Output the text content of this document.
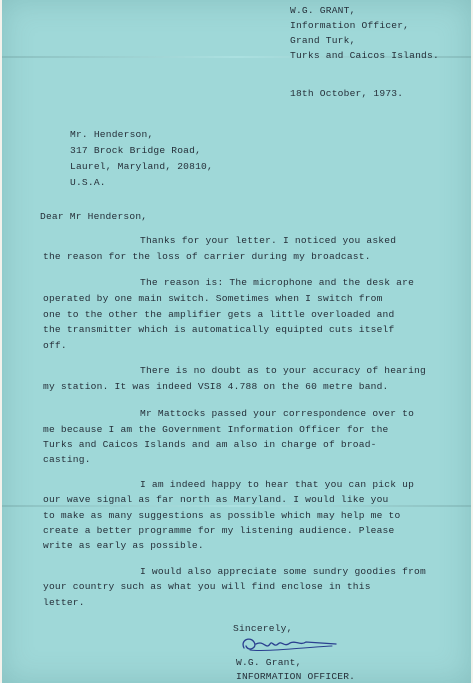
W.G. GRANT,
Information Officer,
Grand Turk,
Turks and Caicos Islands.
18th October, 1973.
Mr. Henderson,
317 Brock Bridge Road,
Laurel, Maryland, 20810,
U.S.A.
Dear Mr Henderson,
Thanks for your letter. I noticed you asked
the reason for the loss of carrier during my broadcast.
The reason is: The microphone and the desk are
operated by one main switch. Sometimes when I switch from
one to the other the amplifier gets a little overloaded and
the transmitter which is automatically equipted cuts itself
off.
There is no doubt as to your accuracy of hearing
my station. It was indeed VSI8 4.788 on the 60 metre band.
Mr Mattocks passed your correspondence over to
me because I am the Government Information Officer for the
Turks and Caicos Islands and am also in charge of broad-
casting.
I am indeed happy to hear that you can pick up
our wave signal as far north as Maryland. I would like you
to make as many suggestions as possible which may help me to
create a better programme for my listening audience. Please
write as early as possible.
I would also appreciate some sundry goodies from
your country such as what you will find enclose in this
letter.
Sincerely,
W.G. Grant,
INFORMATION OFFICER.
